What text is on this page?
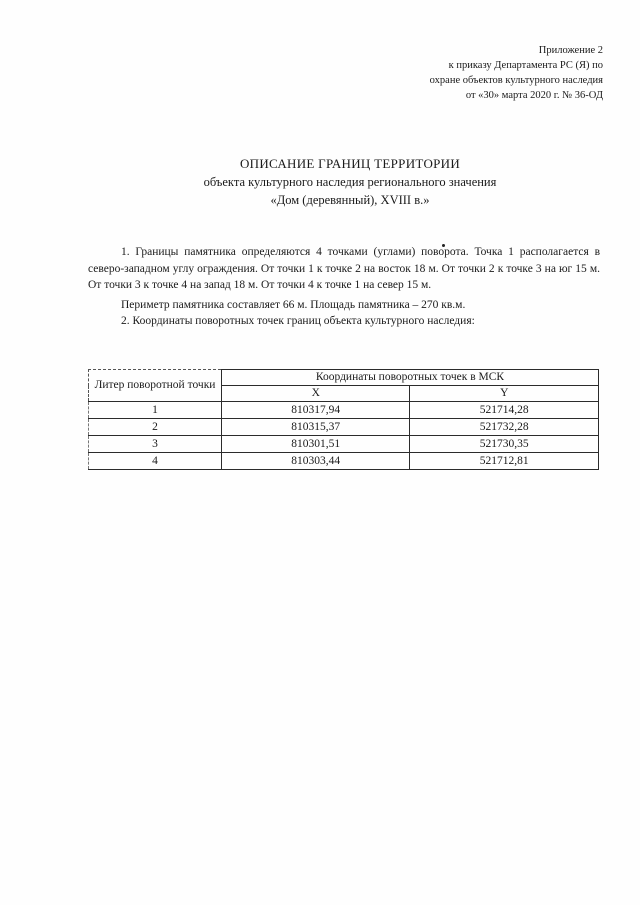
Приложение 2
к приказу Департамента РС (Я) по
охране объектов культурного наследия
от «30» марта 2020 г. № 36-ОД
ОПИСАНИЕ ГРАНИЦ ТЕРРИТОРИИ
объекта культурного наследия регионального значения
«Дом (деревянный), XVIII в.»

1. Границы памятника определяются 4 точками (углами) поворота. Точка 1 располагается в северо-западном углу ограждения. От точки 1 к точке 2 на восток 18 м. От точки 2 к точке 3 на юг 15 м. От точки 3 к точке 4 на запад 18 м. От точки 4 к точке 1 на север 15 м.

Периметр памятника составляет 66 м. Площадь памятника – 270 кв.м.

2. Координаты поворотных точек границ объекта культурного наследия:

Литер поворотной точки	Координаты поворотных точек в МСК	
	X	Y
1	810317,94	521714,28
2	810315,37	521732,28
3	810301,51	521730,35
4	810303,44	521712,81
